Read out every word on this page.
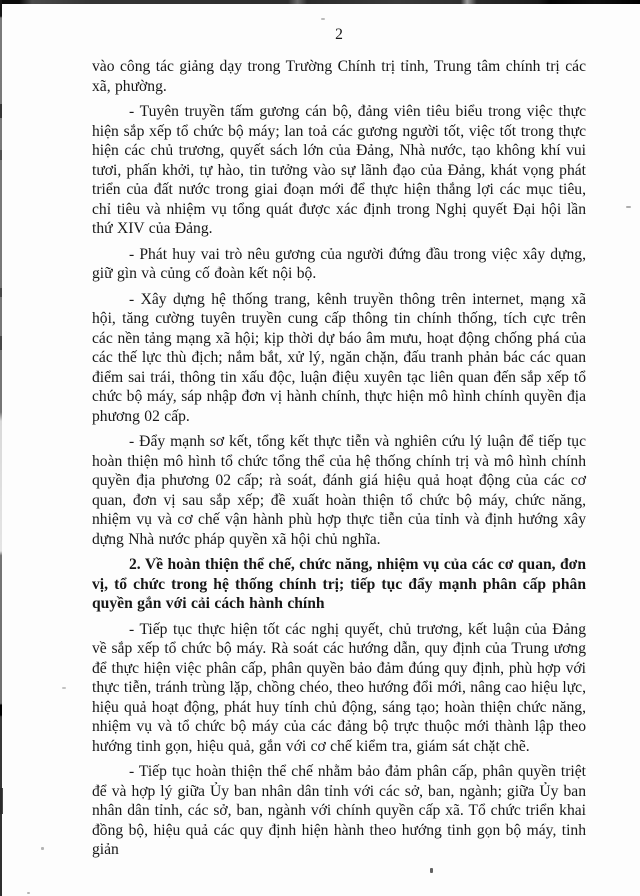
2

vào công tác giảng dạy trong Trường Chính trị tỉnh, Trung tâm chính trị các xã, phường.

- Tuyên truyền tấm gương cán bộ, đảng viên tiêu biểu trong việc thực hiện sắp xếp tổ chức bộ máy; lan toả các gương người tốt, việc tốt trong thực hiện các chủ trương, quyết sách lớn của Đảng, Nhà nước, tạo không khí vui tươi, phấn khởi, tự hào, tin tưởng vào sự lãnh đạo của Đảng, khát vọng phát triển của đất nước trong giai đoạn mới để thực hiện thắng lợi các mục tiêu, chỉ tiêu và nhiệm vụ tổng quát được xác định trong Nghị quyết Đại hội lần thứ XIV của Đảng.

- Phát huy vai trò nêu gương của người đứng đầu trong việc xây dựng, giữ gìn và củng cố đoàn kết nội bộ.

- Xây dựng hệ thống trang, kênh truyền thông trên internet, mạng xã hội, tăng cường tuyên truyền cung cấp thông tin chính thống, tích cực trên các nền tảng mạng xã hội; kịp thời dự báo âm mưu, hoạt động chống phá của các thế lực thù địch; nắm bắt, xử lý, ngăn chặn, đấu tranh phản bác các quan điểm sai trái, thông tin xấu độc, luận điệu xuyên tạc liên quan đến sắp xếp tổ chức bộ máy, sáp nhập đơn vị hành chính, thực hiện mô hình chính quyền địa phương 02 cấp.

- Đẩy mạnh sơ kết, tổng kết thực tiễn và nghiên cứu lý luận để tiếp tục hoàn thiện mô hình tổ chức tổng thể của hệ thống chính trị và mô hình chính quyền địa phương 02 cấp; rà soát, đánh giá hiệu quả hoạt động của các cơ quan, đơn vị sau sắp xếp; đề xuất hoàn thiện tổ chức bộ máy, chức năng, nhiệm vụ và cơ chế vận hành phù hợp thực tiễn của tỉnh và định hướng xây dựng Nhà nước pháp quyền xã hội chủ nghĩa.

2. Về hoàn thiện thể chế, chức năng, nhiệm vụ của các cơ quan, đơn vị, tổ chức trong hệ thống chính trị; tiếp tục đẩy mạnh phân cấp phân quyền gắn với cải cách hành chính

- Tiếp tục thực hiện tốt các nghị quyết, chủ trương, kết luận của Đảng về sắp xếp tổ chức bộ máy. Rà soát các hướng dẫn, quy định của Trung ương để thực hiện việc phân cấp, phân quyền bảo đảm đúng quy định, phù hợp với thực tiễn, tránh trùng lặp, chồng chéo, theo hướng đổi mới, nâng cao hiệu lực, hiệu quả hoạt động, phát huy tính chủ động, sáng tạo; hoàn thiện chức năng, nhiệm vụ và tổ chức bộ máy của các đảng bộ trực thuộc mới thành lập theo hướng tinh gọn, hiệu quả, gắn với cơ chế kiểm tra, giám sát chặt chẽ.

- Tiếp tục hoàn thiện thể chế nhằm bảo đảm phân cấp, phân quyền triệt để và hợp lý giữa Ủy ban nhân dân tỉnh với các sở, ban, ngành; giữa Ủy ban nhân dân tỉnh, các sở, ban, ngành với chính quyền cấp xã. Tổ chức triển khai đồng bộ, hiệu quả các quy định hiện hành theo hướng tinh gọn bộ máy, tinh giản
